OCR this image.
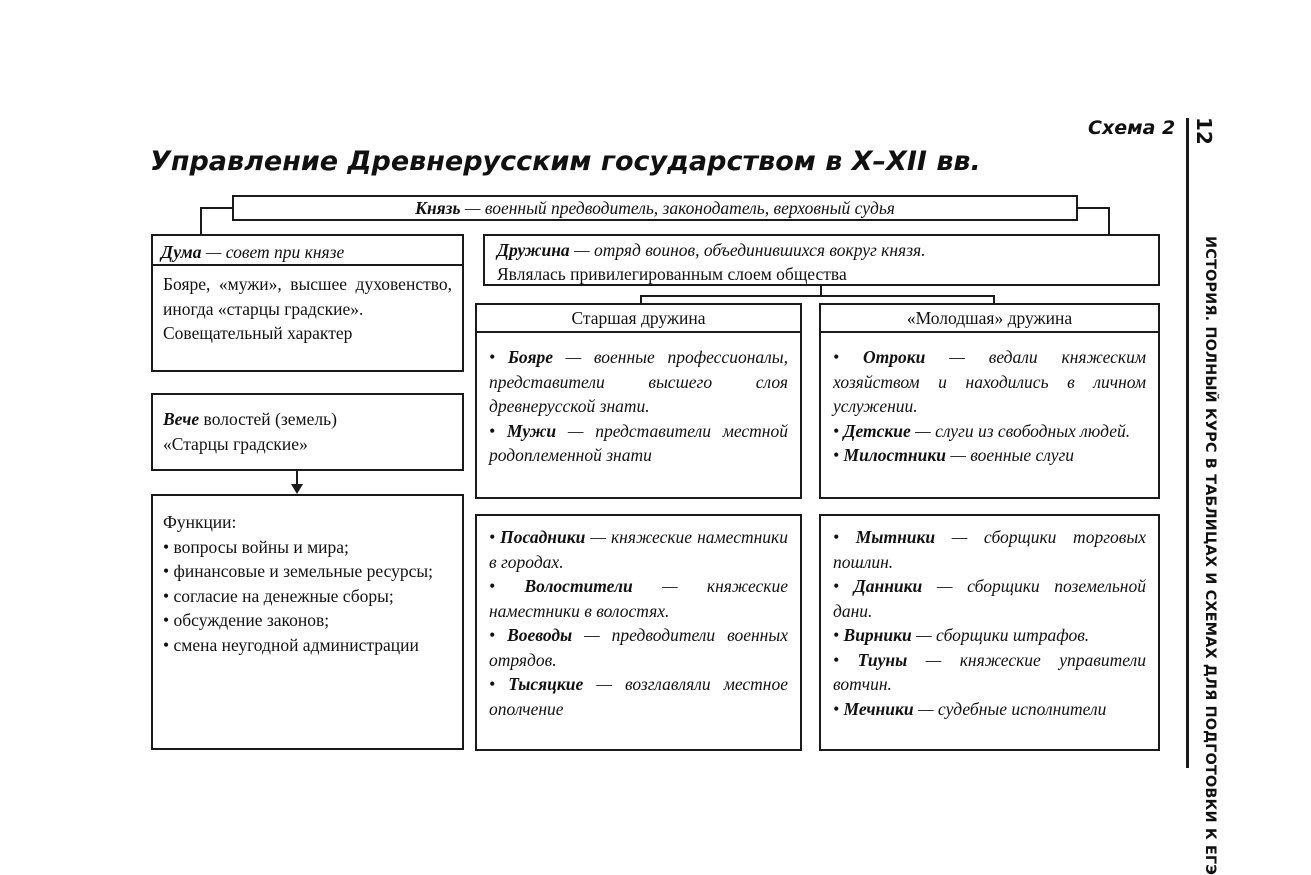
Схема 2 12
ИСТОРИЯ. ПОЛНЫЙ КУРС В ТАБЛИЦАХ И СХЕМАХ ДЛЯ ПОДГОТОВКИ К ЕГЭ
Управление Древнерусским государством в X–XII вв.
Князь — военный предводитель, законодатель, верховный судья
Дума — совет при князе
Бояре, «мужи», высшее духовенство, иногда «старцы градские».
Совещательный характер
Вече волостей (земель)
«Старцы градские»
Функции:
• вопросы войны и мира;
• финансовые и земельные ресурсы;
• согласие на денежные сборы;
• обсуждение законов;
• смена неугодной администрации
Дружина — отряд воинов, объединившихся вокруг князя.
Являлась привилегированным слоем общества
Старшая дружина
• Бояре — военные профессионалы, представители высшего слоя древнерусской знати.
• Мужи — представители местной родоплеменной знати
• Посадники — княжеские наместники в городах.
• Волостители — княжеские наместники в волостях.
• Воеводы — предводители военных отрядов.
• Тысяцкие — возглавляли местное ополчение
«Молодшая» дружина
• Отроки — ведали княжеским хозяйством и находились в личном услужении.
• Детские — слуги из свободных людей.
• Милостники — военные слуги
• Мытники — сборщики торговых пошлин.
• Данники — сборщики поземельной дани.
• Вирники — сборщики штрафов.
• Тиуны — княжеские управители вотчин.
• Мечники — судебные исполнители
